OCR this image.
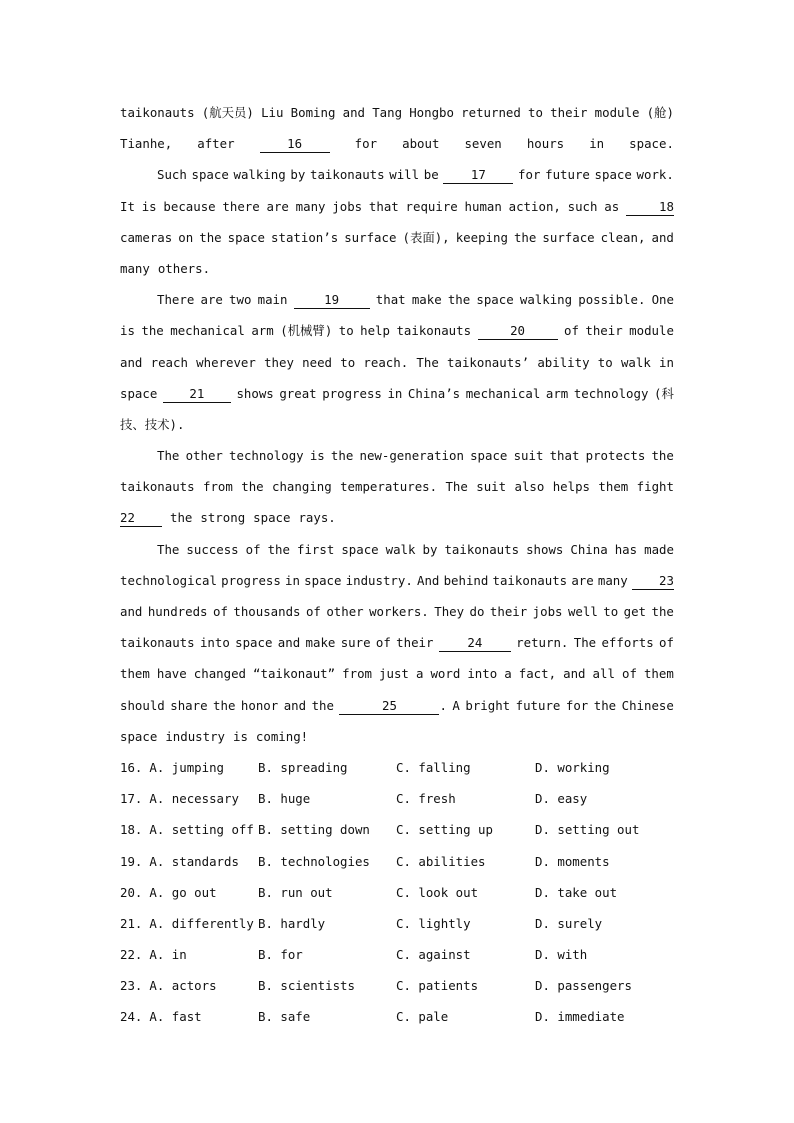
taikonauts (航天员) Liu Boming and Tang Hongbo returned to their module (舱)
Tianhe, after	16	for about seven hours in space.
Such space walking by taikonauts will be	17	for future space work.
It is because there are many jobs that require human action, such as	18
cameras on the space station’s surface (表面), keeping the surface clean, and
many others.
There are two main	19	that make the space walking possible. One
is the mechanical arm (机械臂) to help taikonauts	20	of their module
and reach wherever they need to reach. The taikonauts’ ability to walk in
space	21	shows great progress in China’s mechanical arm technology (科
技、技术).
The other technology is the new-generation space suit that protects the
taikonauts from the changing temperatures. The suit also helps them fight
22	the strong space rays.
The success of the first space walk by taikonauts shows China has made
technological progress in space industry. And behind taikonauts are many	23
and hundreds of thousands of other workers. They do their jobs well to get the
taikonauts into space and make sure of their	24	return. The efforts of
them have changed “taikonaut” from just a word into a fact, and all of them
should share the honor and the	25	. A bright future for the Chinese
space industry is coming!
16. A. jumping	B. spreading	C. falling	D. working
17. A. necessary B. huge	C. fresh	D. easy
18. A. setting off B. setting down C. setting up	D. setting out
19. A. standards B. technologies C. abilities	D. moments
20. A. go out	B. run out	C. look out	D. take out
21. A. differently B. hardly	C. lightly	D. surely
22. A. in	B. for	C. against	D. with
23. A. actors	B. scientists	C. patients	D. passengers
24. A. fast	B. safe	C. pale	D. immediate
